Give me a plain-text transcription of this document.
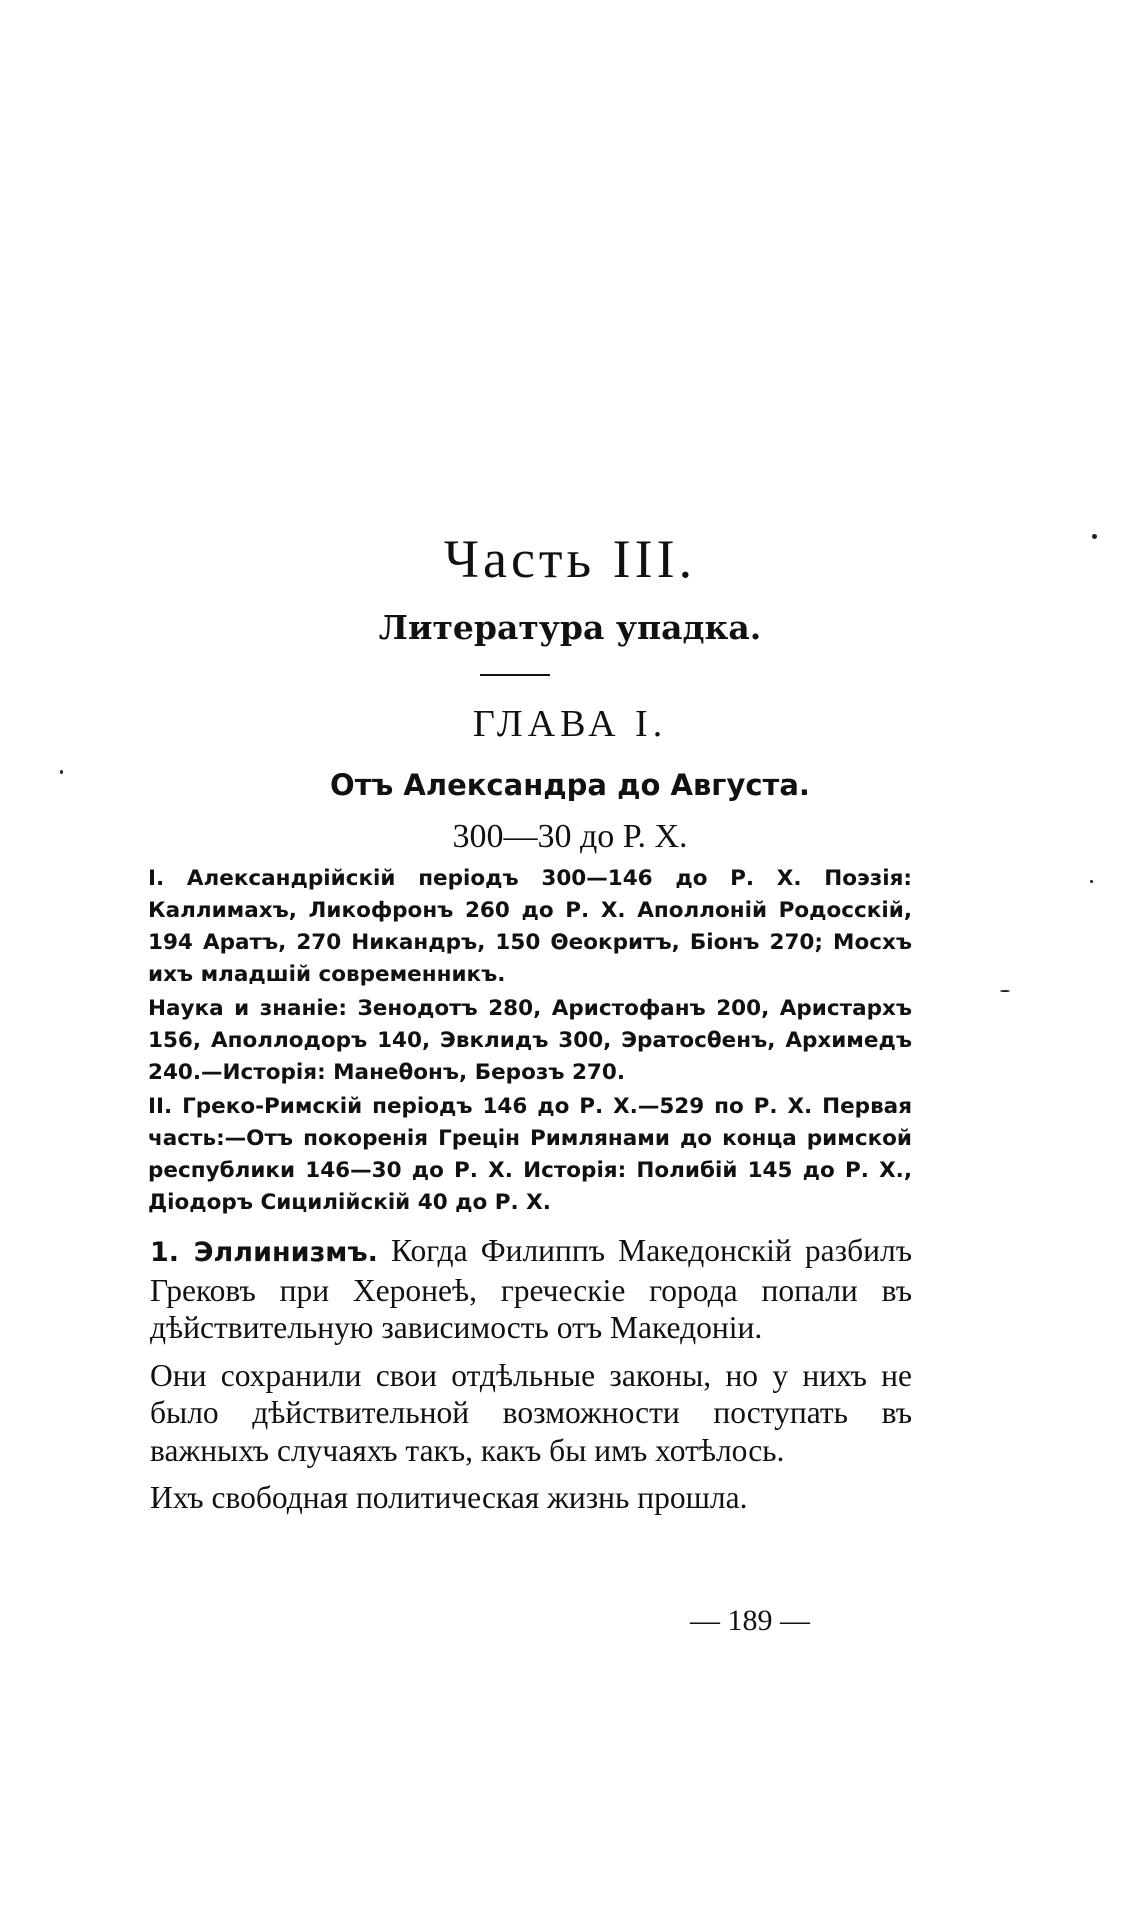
Часть III.
Литература упадка.
ГЛАВА I.
Отъ Александра до Августа.
300—30 до Р. Х.

I. Александрійскій періодъ 300—146 до Р. Х. Поэзія: Каллимахъ, Ликофронъ 260 до Р. Х. Аполлоній Родосскій, 194 Аратъ, 270 Никандръ, 150 Θеокритъ, Біонъ 270; Мосхъ ихъ младшій современникъ.

Наука и знаніе: Зенодотъ 280, Аристофанъ 200, Аристархъ 156, Аполлодоръ 140, Эвклидъ 300, Эратосθенъ, Архимедъ 240.—Исторія: Манеθонъ, Берозъ 270.

II. Греко-Римскій періодъ 146 до Р. Х.—529 по Р. Х. Первая часть:—Отъ покоренія Грецін Римлянами до конца римской республики 146—30 до Р. Х. Исторія: Полибій 145 до Р. Х., Діодоръ Сицилійскій 40 до Р. Х.

1. Эллинизмъ. Когда Филиппъ Македонскій разбилъ Грековъ при Херонеѣ, греческіе города попали въ дѣйствительную зависимость отъ Македоніи.

Они сохранили свои отдѣльные законы, но у нихъ не было дѣйствительной возможности поступать въ важныхъ случаяхъ такъ, какъ бы имъ хотѣлось.

Ихъ свободная политическая жизнь прошла.

— 189 —
